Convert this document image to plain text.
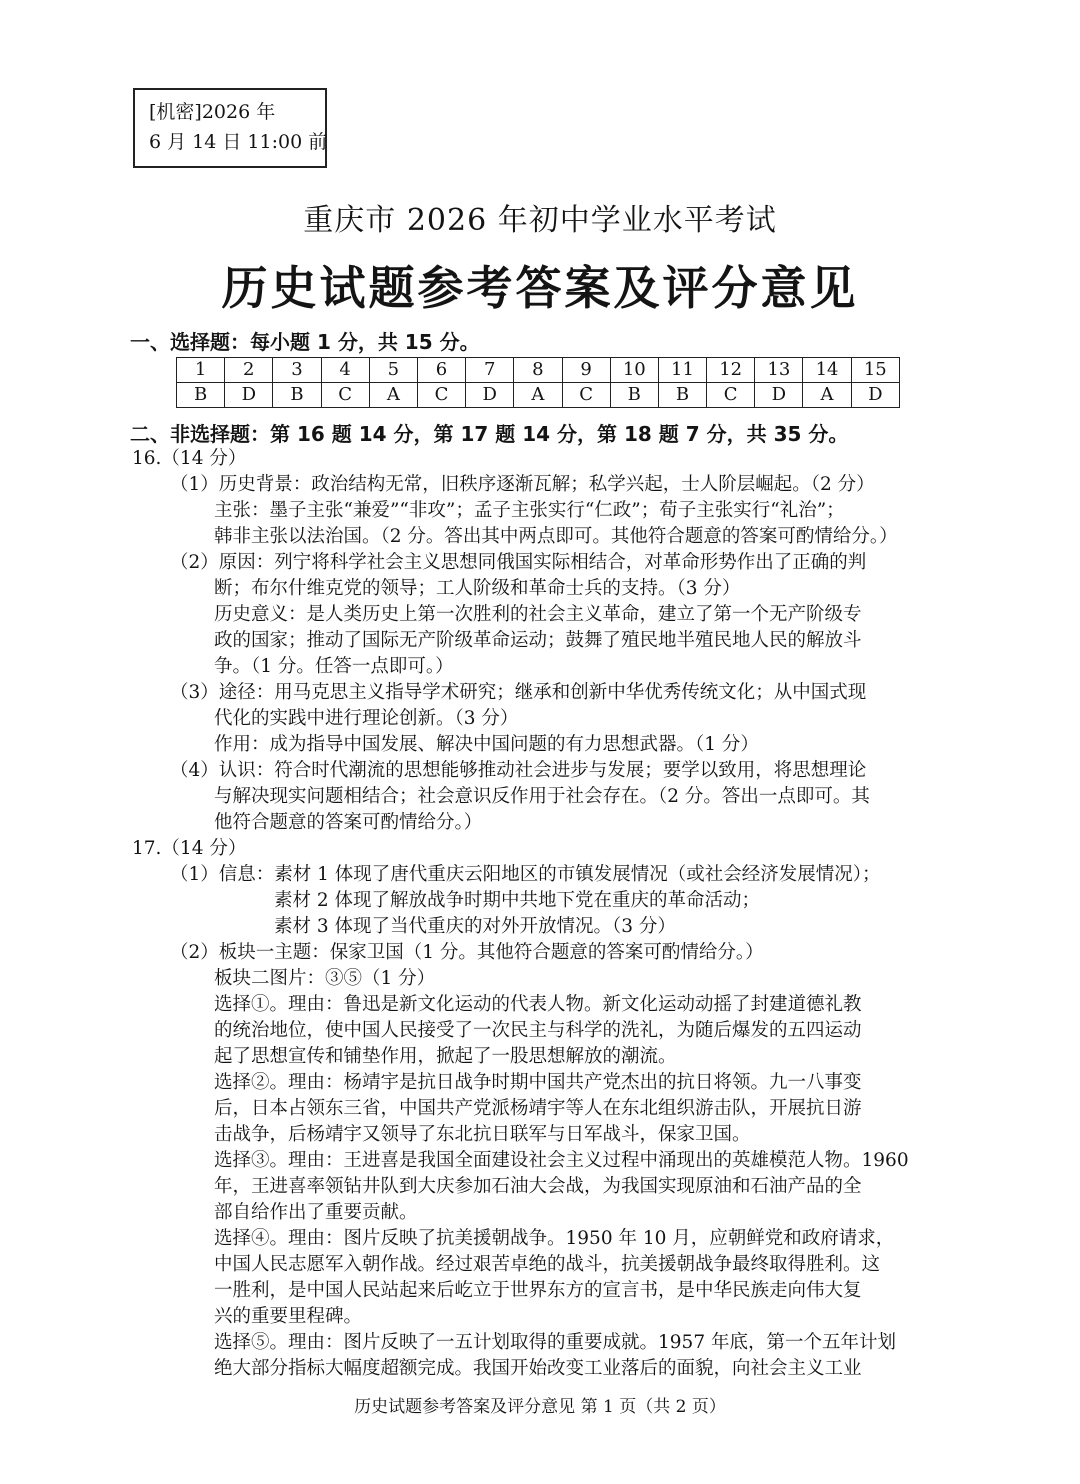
[机密]2026 年
6 月 14 日 11:00 前
重庆市 2026 年初中学业水平考试
历史试题参考答案及评分意见
一、选择题：每小题 1 分，共 15 分。
1	2	3	4	5	6	7	8	9	10	11	12	13	14	15
B	D	B	C	A	C	D	A	C	B	B	C	D	A	D
二、非选择题：第 16 题 14 分，第 17 题 14 分，第 18 题 7 分，共 35 分。
16.（14 分）
（1）历史背景：政治结构无常，旧秩序逐渐瓦解；私学兴起，士人阶层崛起。（2 分）
主张：墨子主张“兼爱”“非攻”；孟子主张实行“仁政”；荀子主张实行“礼治”；
韩非主张以法治国。（2 分。答出其中两点即可。其他符合题意的答案可酌情给分。）
（2）原因：列宁将科学社会主义思想同俄国实际相结合，对革命形势作出了正确的判
断；布尔什维克党的领导；工人阶级和革命士兵的支持。（3 分）
历史意义：是人类历史上第一次胜利的社会主义革命，建立了第一个无产阶级专
政的国家；推动了国际无产阶级革命运动；鼓舞了殖民地半殖民地人民的解放斗
争。（1 分。任答一点即可。）
（3）途径：用马克思主义指导学术研究；继承和创新中华优秀传统文化；从中国式现
代化的实践中进行理论创新。（3 分）
作用：成为指导中国发展、解决中国问题的有力思想武器。（1 分）
（4）认识：符合时代潮流的思想能够推动社会进步与发展；要学以致用，将思想理论
与解决现实问题相结合；社会意识反作用于社会存在。（2 分。答出一点即可。其
他符合题意的答案可酌情给分。）
17.（14 分）
（1）信息：素材 1 体现了唐代重庆云阳地区的市镇发展情况（或社会经济发展情况）；
素材 2 体现了解放战争时期中共地下党在重庆的革命活动；
素材 3 体现了当代重庆的对外开放情况。（3 分）
（2）板块一主题：保家卫国（1 分。其他符合题意的答案可酌情给分。）
板块二图片：③⑤（1 分）
选择①。理由：鲁迅是新文化运动的代表人物。新文化运动动摇了封建道德礼教
的统治地位，使中国人民接受了一次民主与科学的洗礼，为随后爆发的五四运动
起了思想宣传和铺垫作用，掀起了一股思想解放的潮流。
选择②。理由：杨靖宇是抗日战争时期中国共产党杰出的抗日将领。九一八事变
后，日本占领东三省，中国共产党派杨靖宇等人在东北组织游击队，开展抗日游
击战争，后杨靖宇又领导了东北抗日联军与日军战斗，保家卫国。
选择③。理由：王进喜是我国全面建设社会主义过程中涌现出的英雄模范人物。1960
年，王进喜率领钻井队到大庆参加石油大会战，为我国实现原油和石油产品的全
部自给作出了重要贡献。
选择④。理由：图片反映了抗美援朝战争。1950 年 10 月，应朝鲜党和政府请求，
中国人民志愿军入朝作战。经过艰苦卓绝的战斗，抗美援朝战争最终取得胜利。这
一胜利，是中国人民站起来后屹立于世界东方的宣言书，是中华民族走向伟大复
兴的重要里程碑。
选择⑤。理由：图片反映了一五计划取得的重要成就。1957 年底，第一个五年计划
绝大部分指标大幅度超额完成。我国开始改变工业落后的面貌，向社会主义工业
历史试题参考答案及评分意见 第 1 页（共 2 页）
